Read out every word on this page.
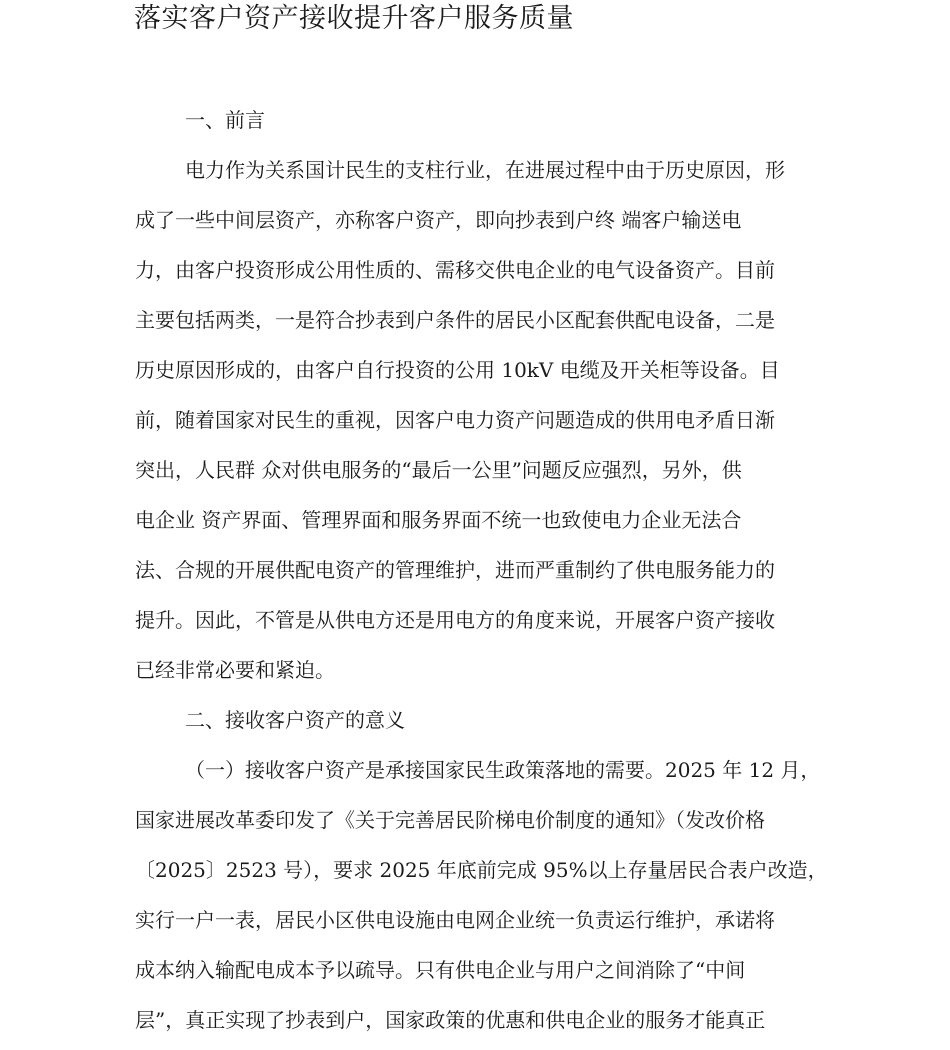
落实客户资产接收提升客户服务质量

一、前言

电力作为关系国计民生的支柱行业，在进展过程中由于历史原因，形

成了一些中间层资产，亦称客户资产，即向抄表到户终 端客户输送电

力，由客户投资形成公用性质的、需移交供电企业的电气设备资产。目前

主要包括两类，一是符合抄表到户条件的居民小区配套供配电设备，二是

历史原因形成的，由客户自行投资的公用 10kV 电缆及开关柜等设备。目

前，随着国家对民生的重视，因客户电力资产问题造成的供用电矛盾日渐

突出，人民群 众对供电服务的“最后一公里”问题反应强烈，另外，供

电企业 资产界面、管理界面和服务界面不统一也致使电力企业无法合

法、合规的开展供配电资产的管理维护，进而严重制约了供电服务能力的

提升。因此，不管是从供电方还是用电方的角度来说，开展客户资产接收

已经非常必要和紧迫。

二、接收客户资产的意义

（一）接收客户资产是承接国家民生政策落地的需要。2025 年 12 月，

国家进展改革委印发了《关于完善居民阶梯电价制度的通知》（发改价格

〔2025〕2523 号），要求 2025 年底前完成 95%以上存量居民合表户改造，

实行一户一表，居民小区供电设施由电网企业统一负责运行维护，承诺将

成本纳入输配电成本予以疏导。只有供电企业与用户之间消除了“中间

层”，真正实现了抄表到户，国家政策的优惠和供电企业的服务才能真正
